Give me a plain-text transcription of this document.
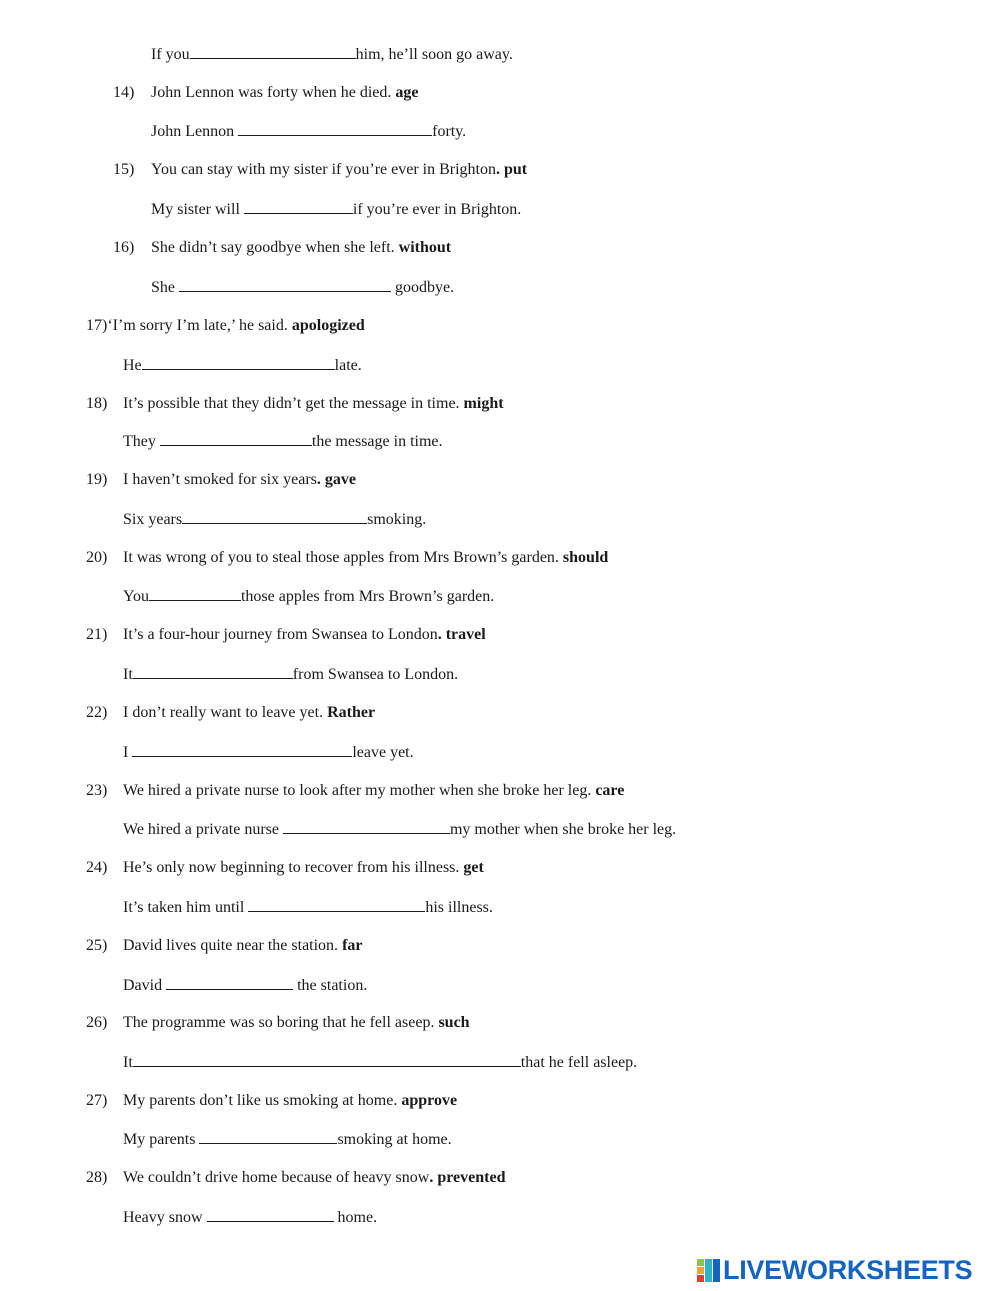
If you	him, he’ll soon go away.
14) John Lennon was forty when he died. age
John Lennon	forty.
15) You can stay with my sister if you’re ever in Brighton. put
My sister will	if you’re ever in Brighton.
16) She didn’t say goodbye when she left. without
She	goodbye.
17)‘I’m sorry I’m late,’ he said. apologized
He	late.
18) It’s possible that they didn’t get the message in time. might
They	the message in time.
19) I haven’t smoked for six years. gave
Six years	smoking.
20) It was wrong of you to steal those apples from Mrs Brown’s garden. should
You	those apples from Mrs Brown’s garden.
21) It’s a four-hour journey from Swansea to London. travel
It	from Swansea to London.
22) I don’t really want to leave yet. Rather
I	leave yet.
23) We hired a private nurse to look after my mother when she broke her leg. care
We hired a private nurse	my mother when she broke her leg.
24) He’s only now beginning to recover from his illness. get
It’s taken him until	his illness.
25) David lives quite near the station. far
David	the station.
26) The programme was so boring that he fell aseep. such
It	that he fell asleep.
27) My parents don’t like us smoking at home. approve
My parents	smoking at home.
28) We couldn’t drive home because of heavy snow. prevented
Heavy snow	home.
LIVEWORKSHEETS
